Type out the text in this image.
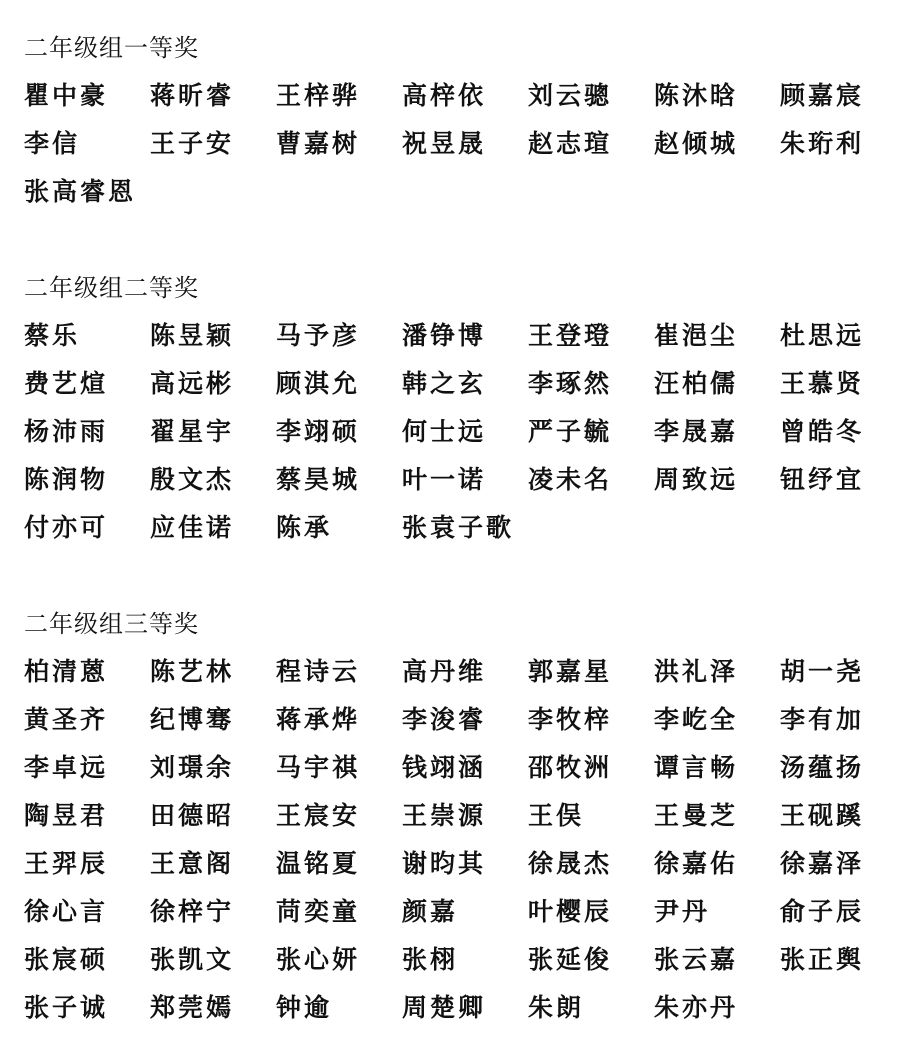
二年级组一等奖
瞿中豪	蒋昕睿	王梓骅	高梓依	刘云骢	陈沐晗	顾嘉宸
李信	王子安	曹嘉树	祝昱晟	赵志瑄	赵倾城	朱珩利
张高睿恩
二年级组二等奖
蔡乐	陈昱颖	马予彦	潘铮博	王登璒	崔浥尘	杜思远
费艺煊	高远彬	顾淇允	韩之玄	李琢然	汪柏儒	王慕贤
杨沛雨	翟星宇	李翊硕	何士远	严子毓	李晟嘉	曾皓冬
陈润物	殷文杰	蔡昊城	叶一诺	凌未名	周致远	钮纾宜
付亦可	应佳诺	陈承	张袁子歌
二年级组三等奖
柏清蒽	陈艺林	程诗云	高丹维	郭嘉星	洪礼泽	胡一尧
黄圣齐	纪博骞	蒋承烨	李浚睿	李牧梓	李屹全	李有加
李卓远	刘璟余	马宇祺	钱翊涵	邵牧洲	谭言畅	汤蕴扬
陶昱君	田德昭	王宸安	王崇源	王俣	王曼芝	王砚蹊
王羿辰	王意阁	温铭夏	谢昀其	徐晟杰	徐嘉佑	徐嘉泽
徐心言	徐梓宁	苘奕童	颜嘉	叶樱辰	尹丹	俞子辰
张宸硕	张凯文	张心妍	张栩	张延俊	张云嘉	张正舆
张子诚	郑莞嫣	钟逾	周楚卿	朱朗	朱亦丹
